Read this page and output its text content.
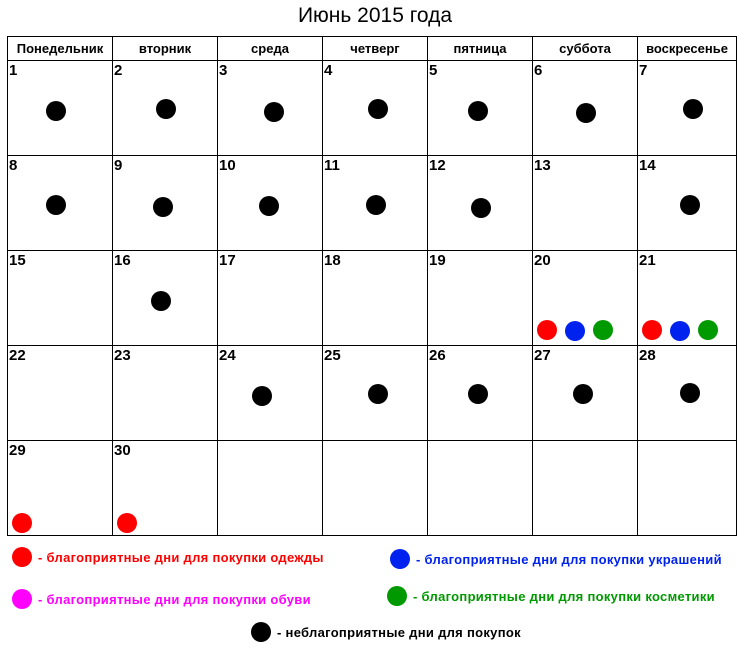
Июнь 2015 года
Понедельник	вторник	среда	четверг	пятница	суббота	воскресенье

1	2	3	4	5	6	7

8	9	10	11	12	13	14

15	16	17	18	19	20	21

22	23	24	25	26	27	28

29	30					

- благоприятные дни для покупки одежды	- благоприятные дни для покупки украшений
- благоприятные дни для покупки обуви	- благоприятные дни для покупки косметики
- неблагоприятные дни для покупок
